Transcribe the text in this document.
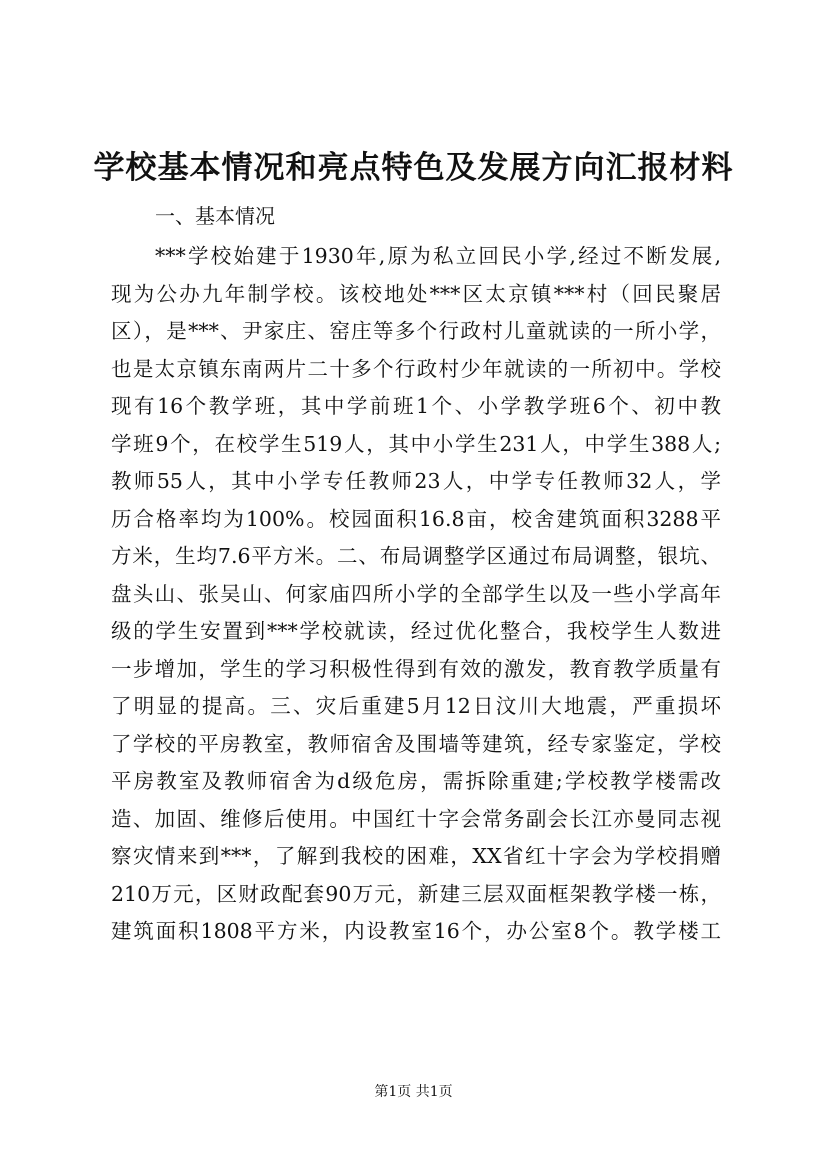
学校基本情况和亮点特色及发展方向汇报材料
一、基本情况
***学校始建于1930年,原为私立回民小学,经过不断发展,
现为公办九年制学校。该校地处***区太京镇***村（回民聚居
区），是***、尹家庄、窑庄等多个行政村儿童就读的一所小学，
也是太京镇东南两片二十多个行政村少年就读的一所初中。学校
现有16个教学班，其中学前班1个、小学教学班6个、初中教
学班9个，在校学生519人，其中小学生231人，中学生388人;
教师55人，其中小学专任教师23人，中学专任教师32人，学
历合格率均为100%。校园面积16.8亩，校舍建筑面积3288平
方米，生均7.6平方米。二、布局调整学区通过布局调整，银坑、
盘头山、张吴山、何家庙四所小学的全部学生以及一些小学高年
级的学生安置到***学校就读，经过优化整合，我校学生人数进
一步增加，学生的学习积极性得到有效的激发，教育教学质量有
了明显的提高。三、灾后重建5月12日汶川大地震，严重损坏
了学校的平房教室，教师宿舍及围墙等建筑，经专家鉴定，学校
平房教室及教师宿舍为d级危房，需拆除重建;学校教学楼需改
造、加固、维修后使用。中国红十字会常务副会长江亦曼同志视
察灾情来到***，了解到我校的困难，XX省红十字会为学校捐赠
210万元，区财政配套90万元，新建三层双面框架教学楼一栋，
建筑面积1808平方米，内设教室16个，办公室8个。教学楼工
第1页 共1页
